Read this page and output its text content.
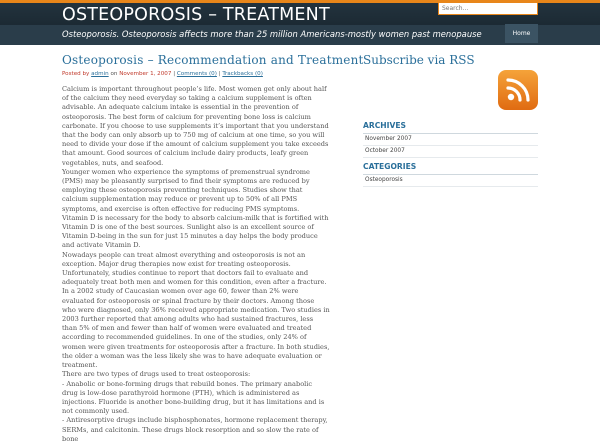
OSTEOPOROSIS – TREATMENT
Search...
Osteoporosis. Osteoporosis affects more than 25 million Americans-mostly women past menopause	Home
Osteoporosis – Recommendation and Treatment
Posted by admin on November 1, 2007 | Comments (0) | Trackbacks (0)

Calcium is important throughout people’s life. Most women get only about half of the calcium they need everyday so taking a calcium supplement is often advisable. An adequate calcium intake is essential in the prevention of osteoporosis. The best form of calcium for preventing bone loss is calcium carbonate. If you choose to use supplements it’s important that you understand that the body can only absorb up to 750 mg of calcium at one time, so you will need to divide your dose if the amount of calcium supplement you take exceeds that amount. Good sources of calcium include dairy products, leafy green vegetables, nuts, and seafood.

Younger women who experience the symptoms of premenstrual syndrome (PMS) may be pleasantly surprised to find their symptoms are reduced by employing these osteoporosis preventing techniques. Studies show that calcium supplementation may reduce or prevent up to 50% of all PMS symptoms, and exercise is often effective for reducing PMS symptoms.

Vitamin D is necessary for the body to absorb calcium-milk that is fortified with Vitamin D is one of the best sources. Sunlight also is an excellent source of Vitamin D-being in the sun for just 15 minutes a day helps the body produce and activate Vitamin D.

Nowadays people can treat almost everything and osteoporosis is not an exception. Major drug therapies now exist for treating osteoporosis. Unfortunately, studies continue to report that doctors fail to evaluate and adequately treat both men and women for this condition, even after a fracture.

In a 2002 study of Caucasian women over age 60, fewer than 2% were evaluated for osteoporosis or spinal fracture by their doctors. Among those who were diagnosed, only 36% received appropriate medication. Two studies in 2003 further reported that among adults who had sustained fractures, less than 5% of men and fewer than half of women were evaluated and treated according to recommended guidelines. In one of the studies, only 24% of women were given treatments for osteoporosis after a fracture. In both studies, the older a woman was the less likely she was to have adequate evaluation or treatment.

There are two types of drugs used to treat osteoporosis:

- Anabolic or bone-forming drugs that rebuild bones. The primary anabolic drug is low-dose parathyroid hormone (PTH), which is administered as injections. Fluoride is another bone-building drug, but it has limitations and is not commonly used.

- Antiresorptive drugs include bisphosphonates, hormone replacement therapy, SERMs, and calcitonin. These drugs block resorption and so slow the rate of bone

Subscribe via RSS
ARCHIVES
November 2007
October 2007
CATEGORIES
Osteoporosis
